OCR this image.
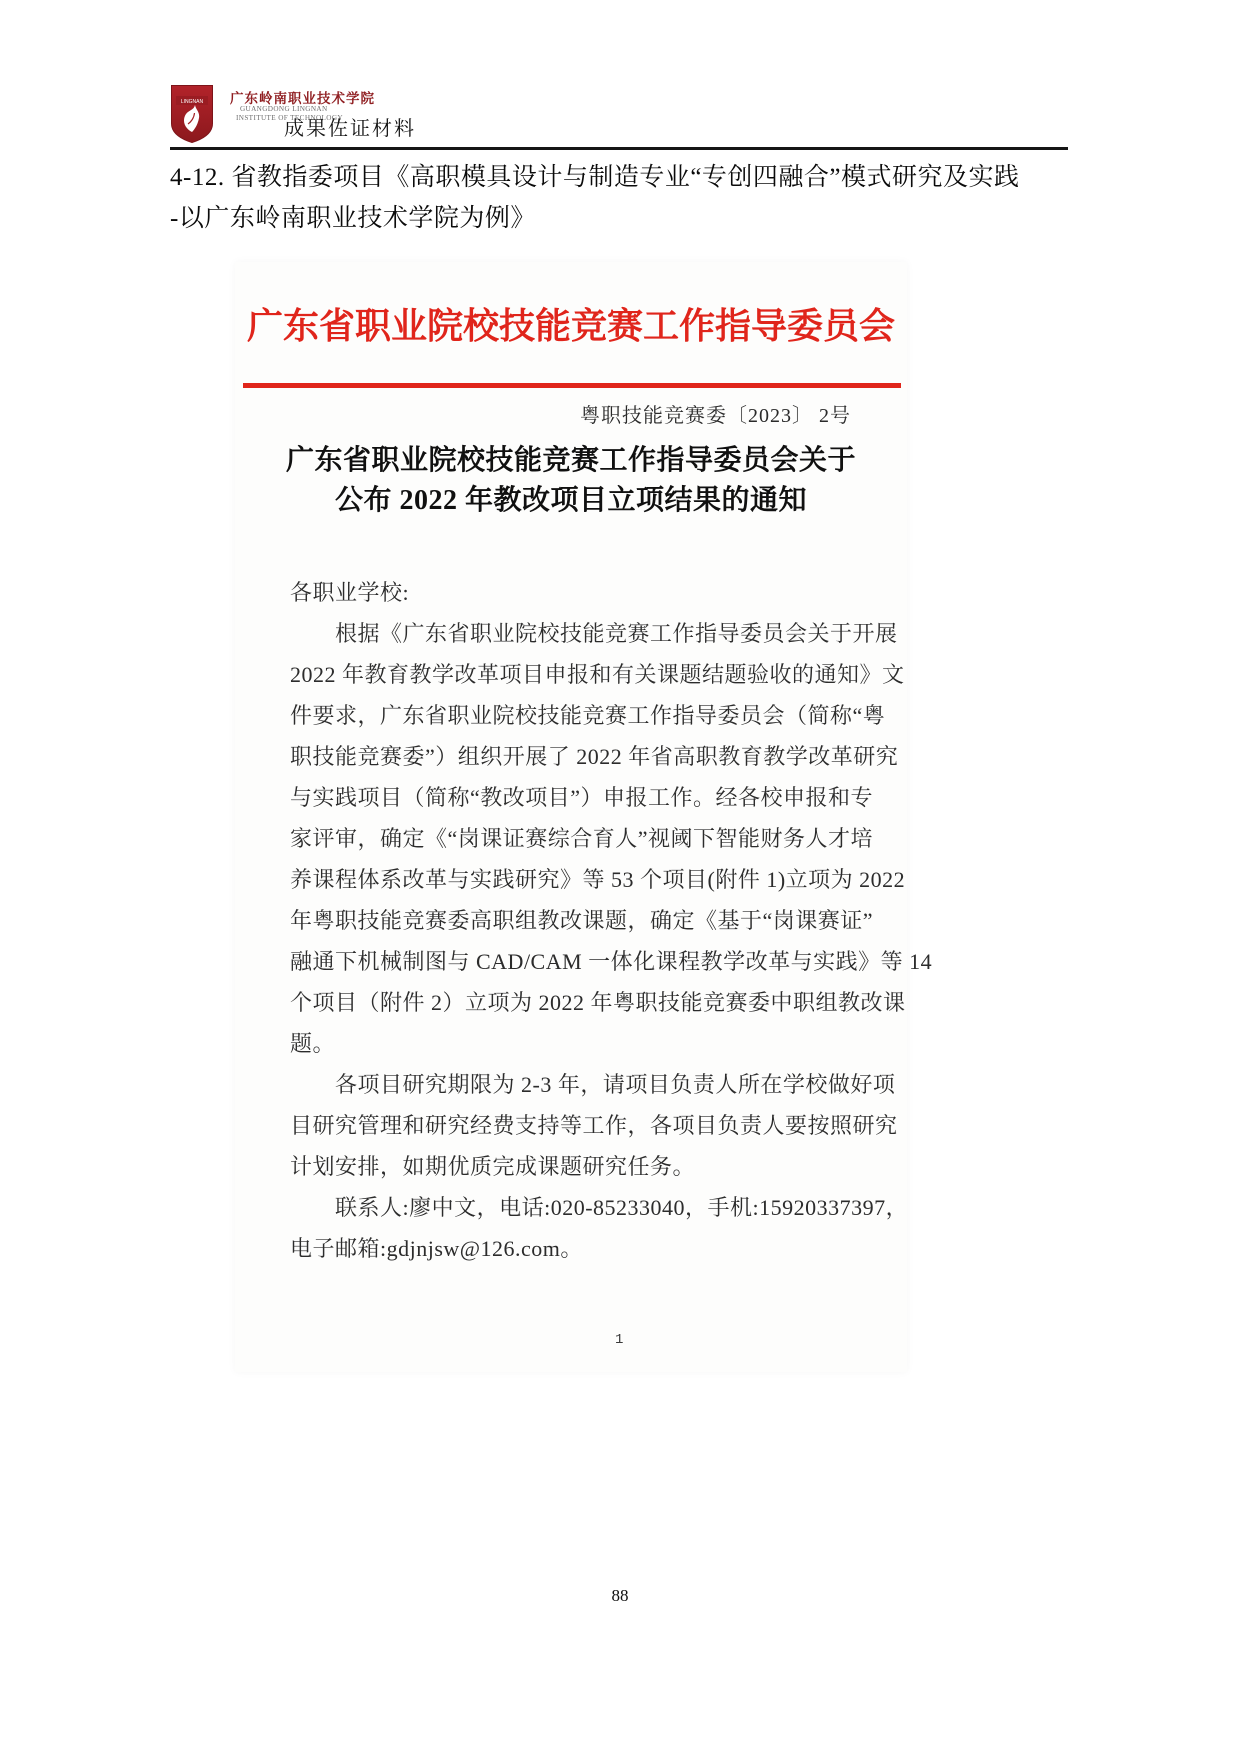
LINGNAN 广东岭南职业技术学院
GUANGDONG LINGNAN
INSTITUTE OF TECHNOLOGY
成果佐证材料
4-12. 省教指委项目《高职模具设计与制造专业“专创四融合”模式研究及实践
-以广东岭南职业技术学院为例》
广东省职业院校技能竞赛工作指导委员会
粤职技能竞赛委〔2023〕 2号
广东省职业院校技能竞赛工作指导委员会关于
公布 2022 年教改项目立项结果的通知
各职业学校:
　　根据《广东省职业院校技能竞赛工作指导委员会关于开展
2022 年教育教学改革项目申报和有关课题结题验收的通知》文
件要求，广东省职业院校技能竞赛工作指导委员会（简称“粤
职技能竞赛委”）组织开展了 2022 年省高职教育教学改革研究
与实践项目（简称“教改项目”）申报工作。经各校申报和专
家评审，确定《“岗课证赛综合育人”视阈下智能财务人才培
养课程体系改革与实践研究》等 53 个项目(附件 1)立项为 2022
年粤职技能竞赛委高职组教改课题，确定《基于“岗课赛证”
融通下机械制图与 CAD/CAM 一体化课程教学改革与实践》等 14
个项目（附件 2）立项为 2022 年粤职技能竞赛委中职组教改课
题。
　　各项目研究期限为 2-3 年，请项目负责人所在学校做好项
目研究管理和研究经费支持等工作，各项目负责人要按照研究
计划安排，如期优质完成课题研究任务。
　　联系人:廖中文，电话:020-85233040，手机:15920337397，
电子邮箱:gdjnjsw@126.com。
1
88
